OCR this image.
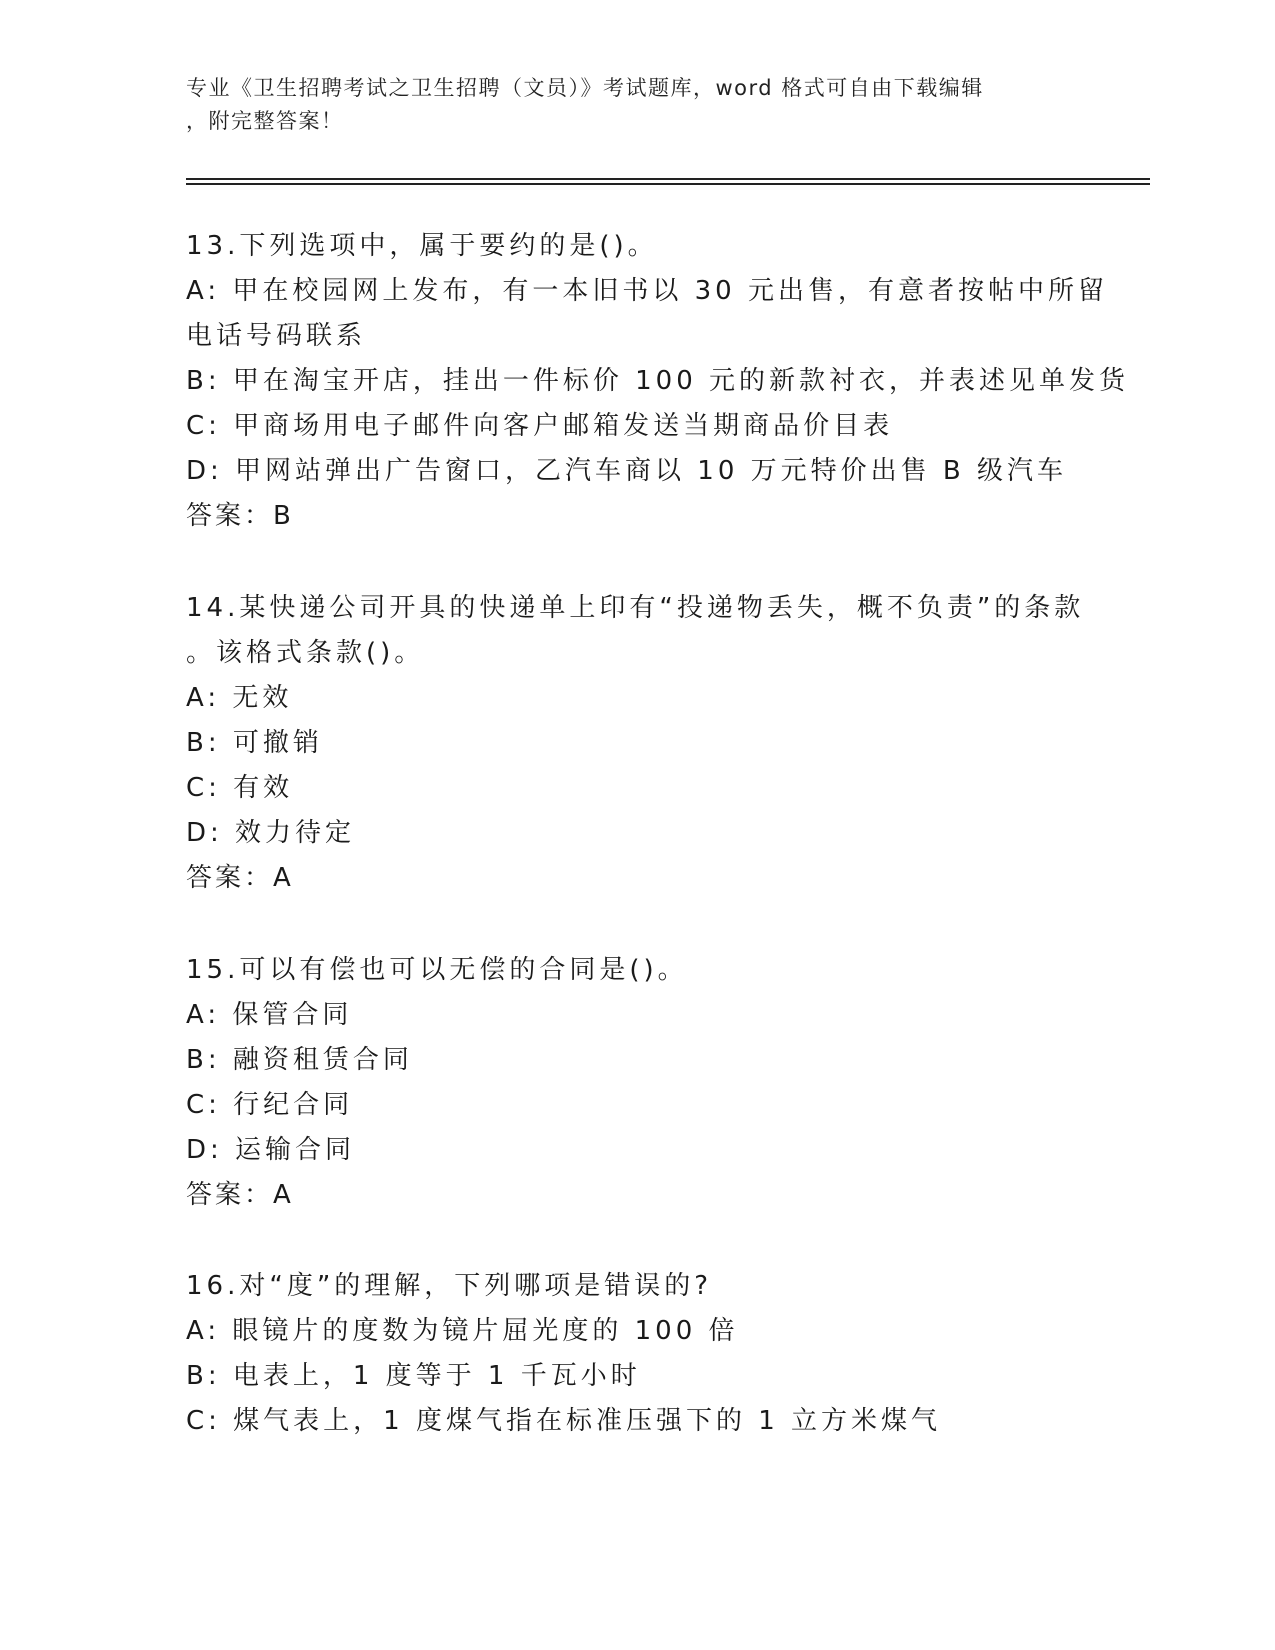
专业《卫生招聘考试之卫生招聘（文员）》考试题库，word 格式可自由下载编辑
，附完整答案！
13.下列选项中，属于要约的是()。
A: 甲在校园网上发布，有一本旧书以 30 元出售，有意者按帖中所留
电话号码联系
B: 甲在淘宝开店，挂出一件标价 100 元的新款衬衣，并表述见单发货
C: 甲商场用电子邮件向客户邮箱发送当期商品价目表
D: 甲网站弹出广告窗口，乙汽车商以 10 万元特价出售 B 级汽车
答案：B
14.某快递公司开具的快递单上印有“投递物丢失，概不负责”的条款
。该格式条款()。
A: 无效
B: 可撤销
C: 有效
D: 效力待定
答案：A
15.可以有偿也可以无偿的合同是()。
A: 保管合同
B: 融资租赁合同
C: 行纪合同
D: 运输合同
答案：A
16.对“度”的理解，下列哪项是错误的?
A: 眼镜片的度数为镜片屈光度的 100 倍
B: 电表上，1 度等于 1 千瓦小时
C: 煤气表上，1 度煤气指在标准压强下的 1 立方米煤气
